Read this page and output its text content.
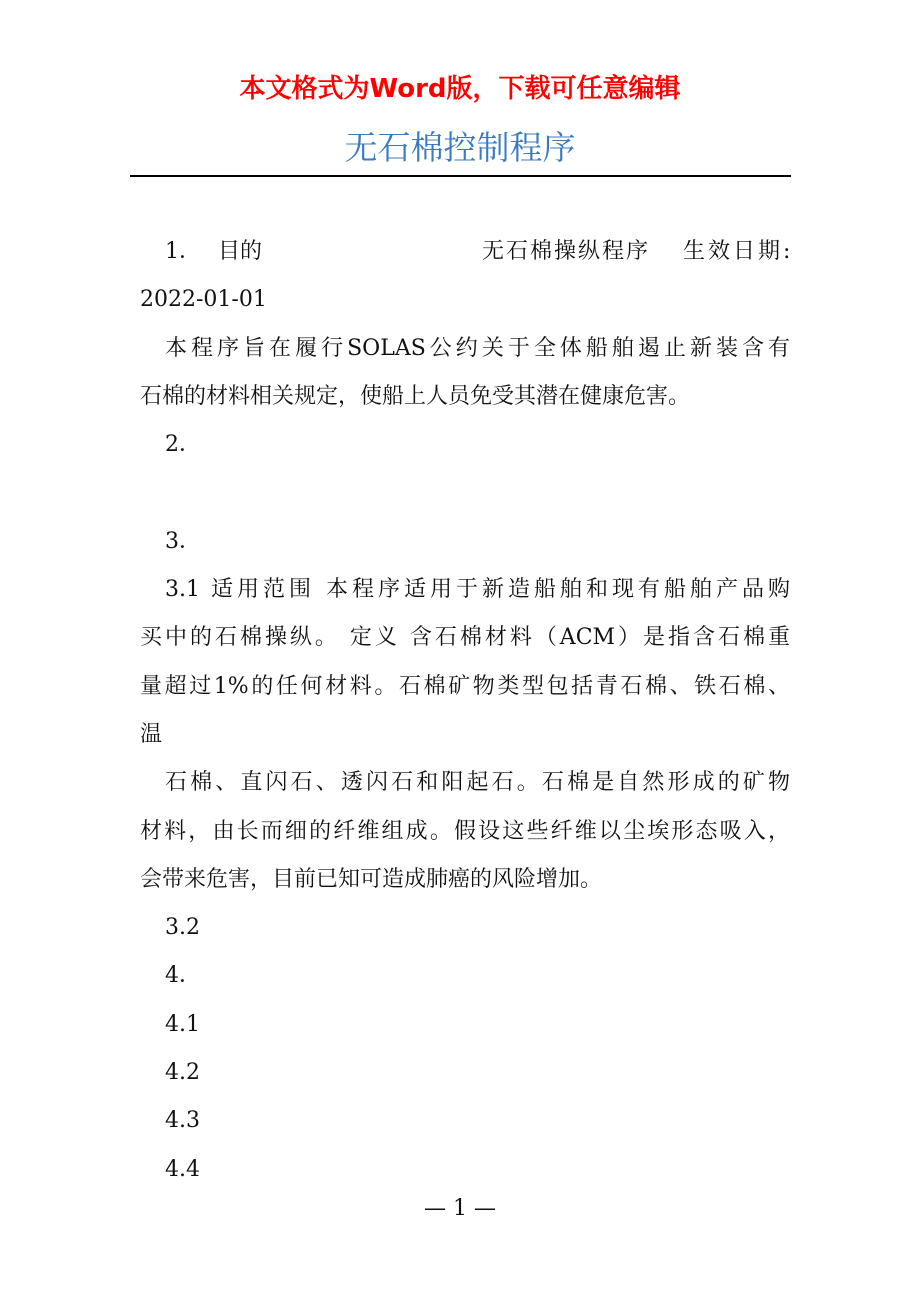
本文格式为Word版，下载可任意编辑
无石棉控制程序
1． 目的	无石棉操纵程序 生效日期:
2022-01-01
本程序旨在履行SOLAS公约关于全体船舶遏止新装含有
石棉的材料相关规定，使船上人员免受其潜在健康危害。
2．
3．
3.1 适用范围 本程序适用于新造船舶和现有船舶产品购
买中的石棉操纵。 定义 含石棉材料（ACM）是指含石棉重
量超过1%的任何材料。石棉矿物类型包括青石棉、铁石棉、
温
石棉、直闪石、透闪石和阳起石。石棉是自然形成的矿物
材料，由长而细的纤维组成。假设这些纤维以尘埃形态吸入，
会带来危害，目前已知可造成肺癌的风险增加。
3.2
4．
4.1
4.2
4.3
4.4
— 1 —
